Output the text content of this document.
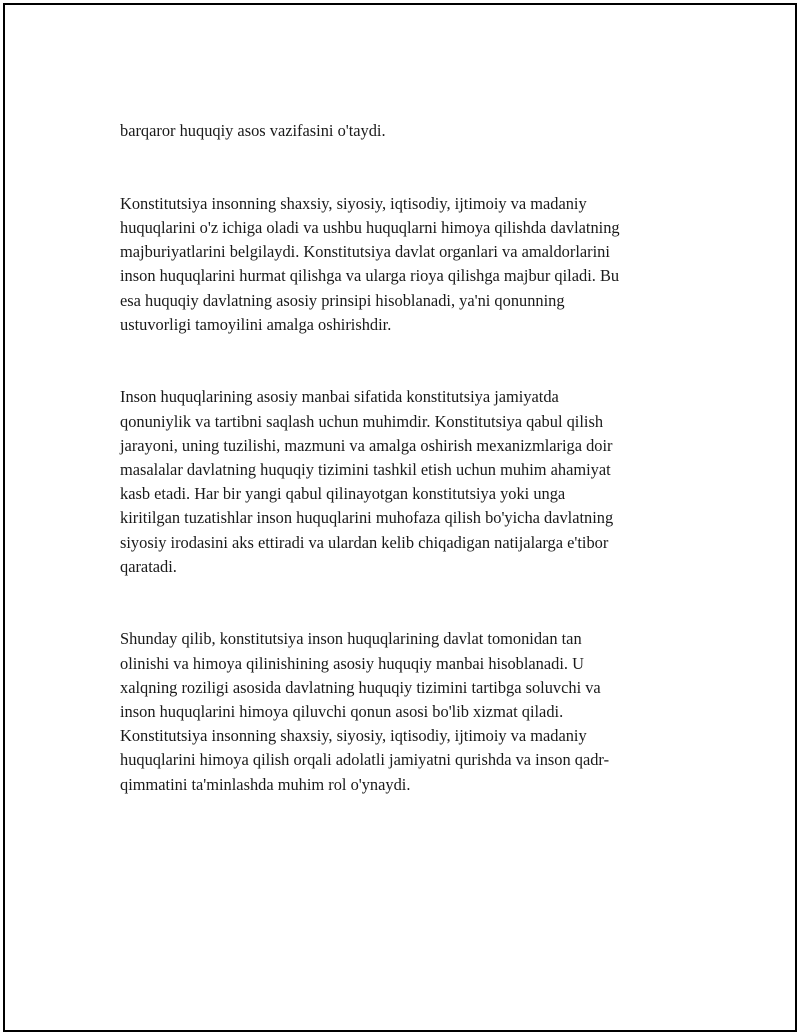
barqaror huquqiy asos vazifasini o'taydi.

Konstitutsiya insonning shaxsiy, siyosiy, iqtisodiy, ijtimoiy va madaniy
huquqlarini o'z ichiga oladi va ushbu huquqlarni himoya qilishda davlatning
majburiyatlarini belgilaydi. Konstitutsiya davlat organlari va amaldorlarini
inson huquqlarini hurmat qilishga va ularga rioya qilishga majbur qiladi. Bu
esa huquqiy davlatning asosiy prinsipi hisoblanadi, ya'ni qonunning
ustuvorligi tamoyilini amalga oshirishdir.

Inson huquqlarining asosiy manbai sifatida konstitutsiya jamiyatda
qonuniylik va tartibni saqlash uchun muhimdir. Konstitutsiya qabul qilish
jarayoni, uning tuzilishi, mazmuni va amalga oshirish mexanizmlariga doir
masalalar davlatning huquqiy tizimini tashkil etish uchun muhim ahamiyat
kasb etadi. Har bir yangi qabul qilinayotgan konstitutsiya yoki unga
kiritilgan tuzatishlar inson huquqlarini muhofaza qilish bo'yicha davlatning
siyosiy irodasini aks ettiradi va ulardan kelib chiqadigan natijalarga e'tibor
qaratadi.

Shunday qilib, konstitutsiya inson huquqlarining davlat tomonidan tan
olinishi va himoya qilinishining asosiy huquqiy manbai hisoblanadi. U
xalqning roziligi asosida davlatning huquqiy tizimini tartibga soluvchi va
inson huquqlarini himoya qiluvchi qonun asosi bo'lib xizmat qiladi.
Konstitutsiya insonning shaxsiy, siyosiy, iqtisodiy, ijtimoiy va madaniy
huquqlarini himoya qilish orqali adolatli jamiyatni qurishda va inson qadr-
qimmatini ta'minlashda muhim rol o'ynaydi.
